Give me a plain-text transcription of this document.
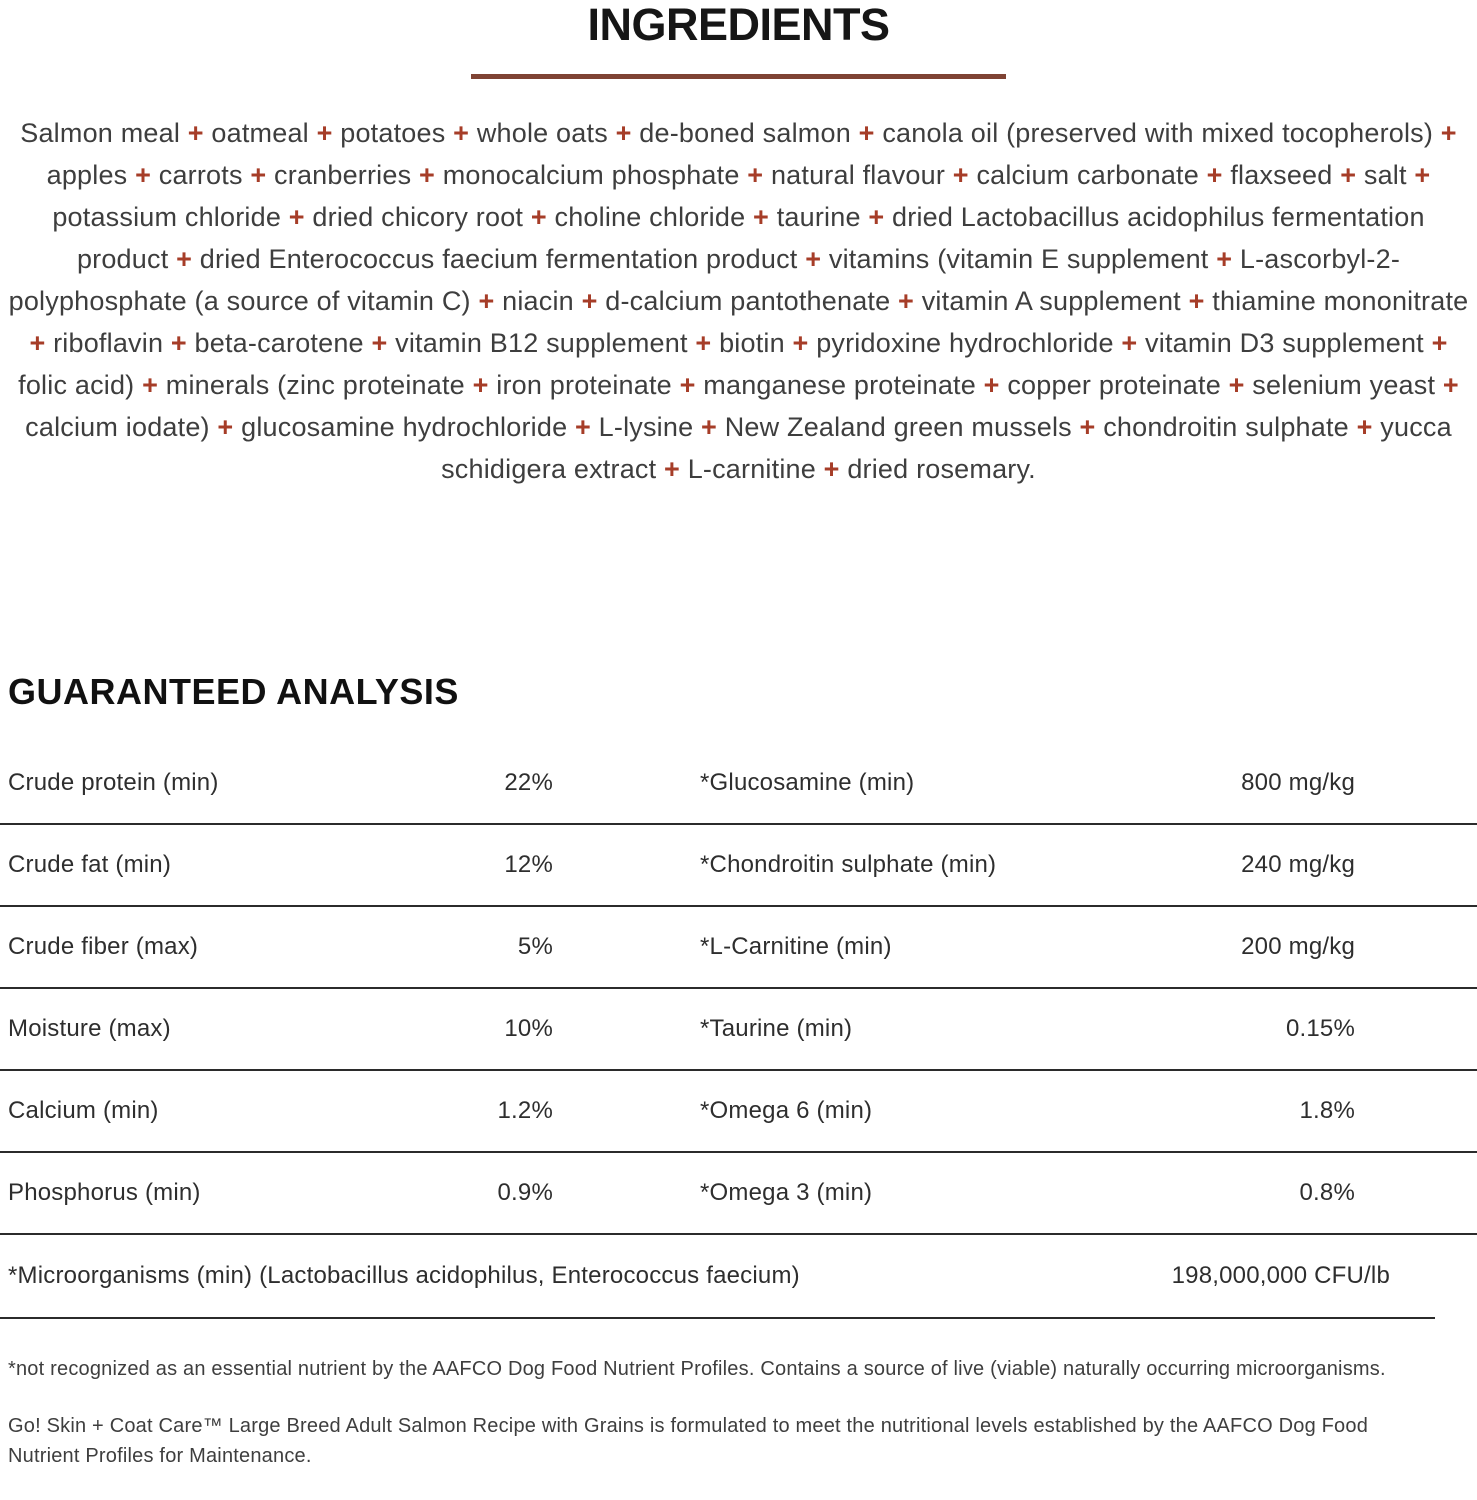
INGREDIENTS
Salmon meal + oatmeal + potatoes + whole oats + de-boned salmon + canola oil (preserved with mixed tocopherols) + apples + carrots + cranberries + monocalcium phosphate + natural flavour + calcium carbonate + flaxseed + salt + potassium chloride + dried chicory root + choline chloride + taurine + dried Lactobacillus acidophilus fermentation product + dried Enterococcus faecium fermentation product + vitamins (vitamin E supplement + L-ascorbyl-2-polyphosphate (a source of vitamin C) + niacin + d-calcium pantothenate + vitamin A supplement + thiamine mononitrate + riboflavin + beta-carotene + vitamin B12 supplement + biotin + pyridoxine hydrochloride + vitamin D3 supplement + folic acid) + minerals (zinc proteinate + iron proteinate + manganese proteinate + copper proteinate + selenium yeast + calcium iodate) + glucosamine hydrochloride + L-lysine + New Zealand green mussels + chondroitin sulphate + yucca schidigera extract + L-carnitine + dried rosemary.
GUARANTEED ANALYSIS
Crude protein (min)	22%	*Glucosamine (min)	800 mg/kg
Crude fat (min)	12%	*Chondroitin sulphate (min)	240 mg/kg
Crude fiber (max)	5%	*L-Carnitine (min)	200 mg/kg
Moisture (max)	10%	*Taurine (min)	0.15%
Calcium (min)	1.2%	*Omega 6 (min)	1.8%
Phosphorus (min)	0.9%	*Omega 3 (min)	0.8%
*Microorganisms (min) (Lactobacillus acidophilus, Enterococcus faecium)	198,000,000 CFU/lb
*not recognized as an essential nutrient by the AAFCO Dog Food Nutrient Profiles. Contains a source of live (viable) naturally occurring microorganisms.
Go! Skin + Coat Care™ Large Breed Adult Salmon Recipe with Grains is formulated to meet the nutritional levels established by the AAFCO Dog Food Nutrient Profiles for Maintenance.
